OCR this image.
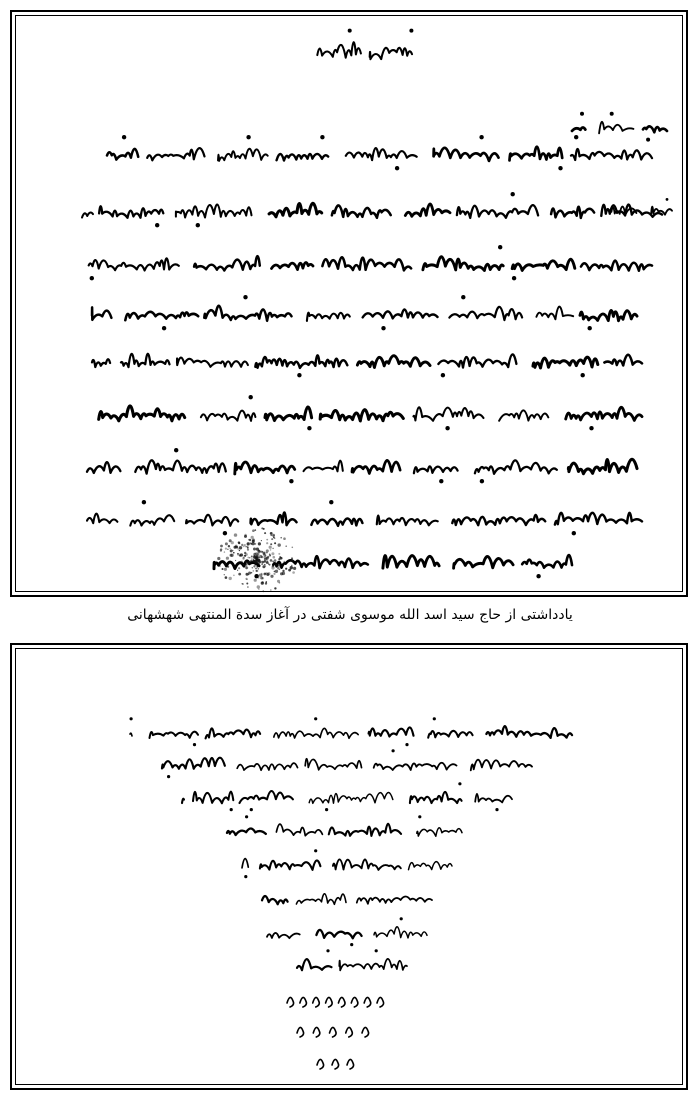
یادداشتی از حاج سید اسد الله موسوی شفتی در آغاز سدة المنتهی شهشهانی
